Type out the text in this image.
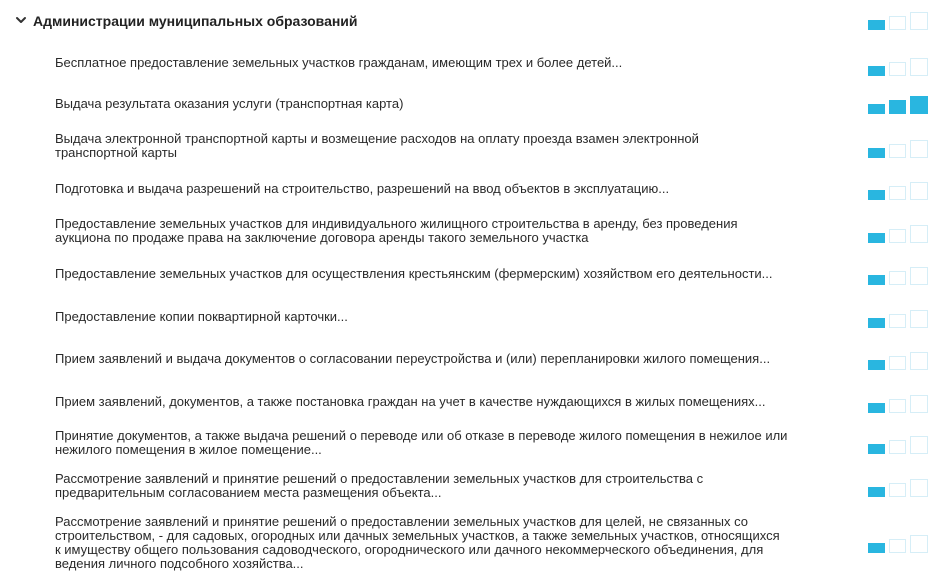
Администрации муниципальных образований
Бесплатное предоставление земельных участков гражданам, имеющим трех и более детей...
Выдача результата оказания услуги (транспортная карта)
Выдача электронной транспортной карты и возмещение расходов на оплату проезда взамен электронной
транспортной карты
Подготовка и выдача разрешений на строительство, разрешений на ввод объектов в эксплуатацию...
Предоставление земельных участков для индивидуального жилищного строительства в аренду, без проведения
аукциона по продаже права на заключение договора аренды такого земельного участка
Предоставление земельных участков для осуществления крестьянским (фермерским) хозяйством его деятельности...
Предоставление копии поквартирной карточки...
Прием заявлений и выдача документов о согласовании переустройства и (или) перепланировки жилого помещения...
Прием заявлений, документов, а также постановка граждан на учет в качестве нуждающихся в жилых помещениях...
Принятие документов, а также выдача решений о переводе или об отказе в переводе жилого помещения в нежилое или
нежилого помещения в жилое помещение...
Рассмотрение заявлений и принятие решений о предоставлении земельных участков для строительства с
предварительным согласованием места размещения объекта...
Рассмотрение заявлений и принятие решений о предоставлении земельных участков для целей, не связанных со
строительством, - для садовых, огородных или дачных земельных участков, а также земельных участков, относящихся
к имуществу общего пользования садоводческого, огороднического или дачного некоммерческого объединения, для
ведения личного подсобного хозяйства...
